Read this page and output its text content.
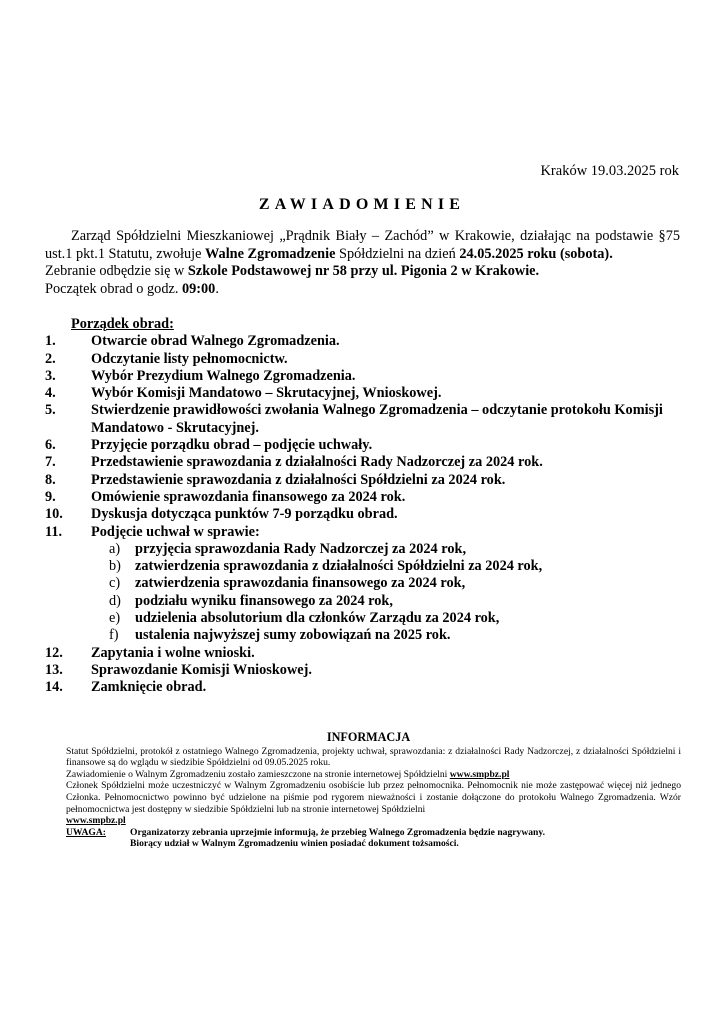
Kraków 19.03.2025 rok
ZAWIADOMIENIE

Zarząd Spółdzielni Mieszkaniowej „Prądnik Biały – Zachód” w Krakowie, działając na podstawie §75 ust.1 pkt.1 Statutu, zwołuje Walne Zgromadzenie Spółdzielni na dzień 24.05.2025 roku (sobota).

Zebranie odbędzie się w Szkole Podstawowej nr 58 przy ul. Pigonia 2 w Krakowie.

Początek obrad o godz. 09:00.

Porządek obrad:
1.	Otwarcie obrad Walnego Zgromadzenia.
2.	Odczytanie listy pełnomocnictw.
3.	Wybór Prezydium Walnego Zgromadzenia.
4.	Wybór Komisji Mandatowo – Skrutacyjnej, Wnioskowej.
5.	Stwierdzenie prawidłowości zwołania Walnego Zgromadzenia – odczytanie protokołu Komisji Mandatowo - Skrutacyjnej.
6.	Przyjęcie porządku obrad – podjęcie uchwały.
7.	Przedstawienie sprawozdania z działalności Rady Nadzorczej za 2024 rok.
8.	Przedstawienie sprawozdania z działalności Spółdzielni za 2024 rok.
9.	Omówienie sprawozdania finansowego za 2024 rok.
10.	Dyskusja dotycząca punktów 7-9 porządku obrad.
11.	Podjęcie uchwał w sprawie:
a) przyjęcia sprawozdania Rady Nadzorczej za 2024 rok,
b) zatwierdzenia sprawozdania z działalności Spółdzielni za 2024 rok,
c) zatwierdzenia sprawozdania finansowego za 2024 rok,
d) podziału wyniku finansowego za 2024 rok,
e) udzielenia absolutorium dla członków Zarządu za 2024 rok,
f) ustalenia najwyższej sumy zobowiązań na 2025 rok.
12.	Zapytania i wolne wnioski.
13.	Sprawozdanie Komisji Wnioskowej.
14.	Zamknięcie obrad.
INFORMACJA

Statut Spółdzielni, protokół z ostatniego Walnego Zgromadzenia, projekty uchwał, sprawozdania: z działalności Rady Nadzorczej, z działalności Spółdzielni i finansowe są do wglądu w siedzibie Spółdzielni od 09.05.2025 roku.

Zawiadomienie o Walnym Zgromadzeniu zostało zamieszczone na stronie internetowej Spółdzielni www.smpbz.pl

Członek Spółdzielni może uczestniczyć w Walnym Zgromadzeniu osobiście lub przez pełnomocnika. Pełnomocnik nie może zastępować więcej niż jednego Członka. Pełnomocnictwo powinno być udzielone na piśmie pod rygorem nieważności i zostanie dołączone do protokołu Walnego Zgromadzenia. Wzór pełnomocnictwa jest dostępny w siedzibie Spółdzielni lub na stronie internetowej Spółdzielni

www.smpbz.pl

UWAGA:	Organizatorzy zebrania uprzejmie informują, że przebieg Walnego Zgromadzenia będzie nagrywany.
Biorący udział w Walnym Zgromadzeniu winien posiadać dokument tożsamości.
